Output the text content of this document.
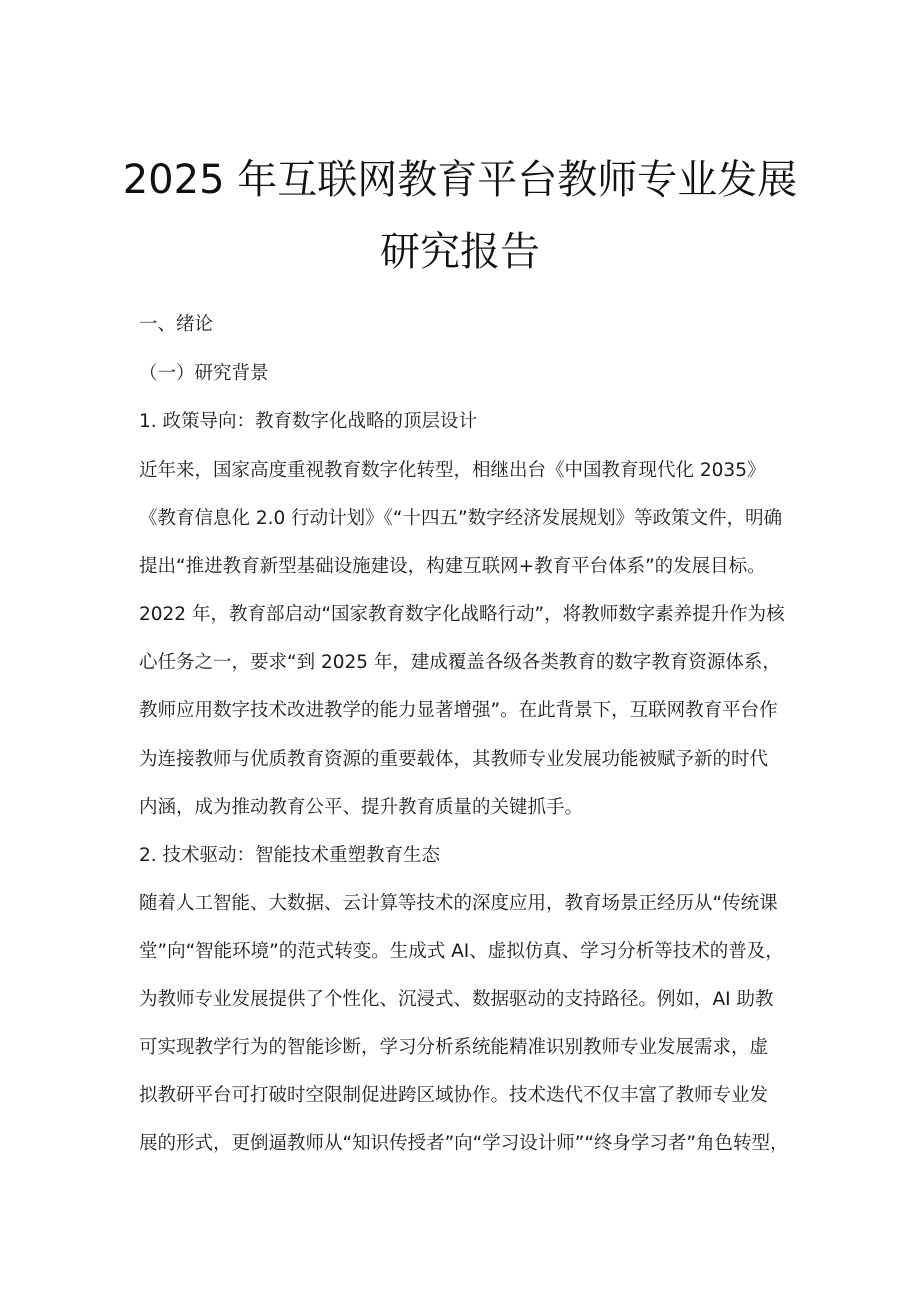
2025 年互联网教育平台教师专业发展
研究报告

一、绪论

（一）研究背景

1. 政策导向：教育数字化战略的顶层设计

近年来，国家高度重视教育数字化转型，相继出台《中国教育现代化 2035》

《教育信息化 2.0 行动计划》《“十四五”数字经济发展规划》等政策文件，明确

提出“推进教育新型基础设施建设，构建互联网+教育平台体系”的发展目标。

2022 年，教育部启动“国家教育数字化战略行动”，将教师数字素养提升作为核

心任务之一，要求“到 2025 年，建成覆盖各级各类教育的数字教育资源体系，

教师应用数字技术改进教学的能力显著增强”。在此背景下，互联网教育平台作

为连接教师与优质教育资源的重要载体，其教师专业发展功能被赋予新的时代

内涵，成为推动教育公平、提升教育质量的关键抓手。

2. 技术驱动：智能技术重塑教育生态

随着人工智能、大数据、云计算等技术的深度应用，教育场景正经历从“传统课

堂”向“智能环境”的范式转变。生成式 AI、虚拟仿真、学习分析等技术的普及，

为教师专业发展提供了个性化、沉浸式、数据驱动的支持路径。例如，AI 助教

可实现教学行为的智能诊断，学习分析系统能精准识别教师专业发展需求，虚

拟教研平台可打破时空限制促进跨区域协作。技术迭代不仅丰富了教师专业发

展的形式，更倒逼教师从“知识传授者”向“学习设计师”“终身学习者”角色转型，
